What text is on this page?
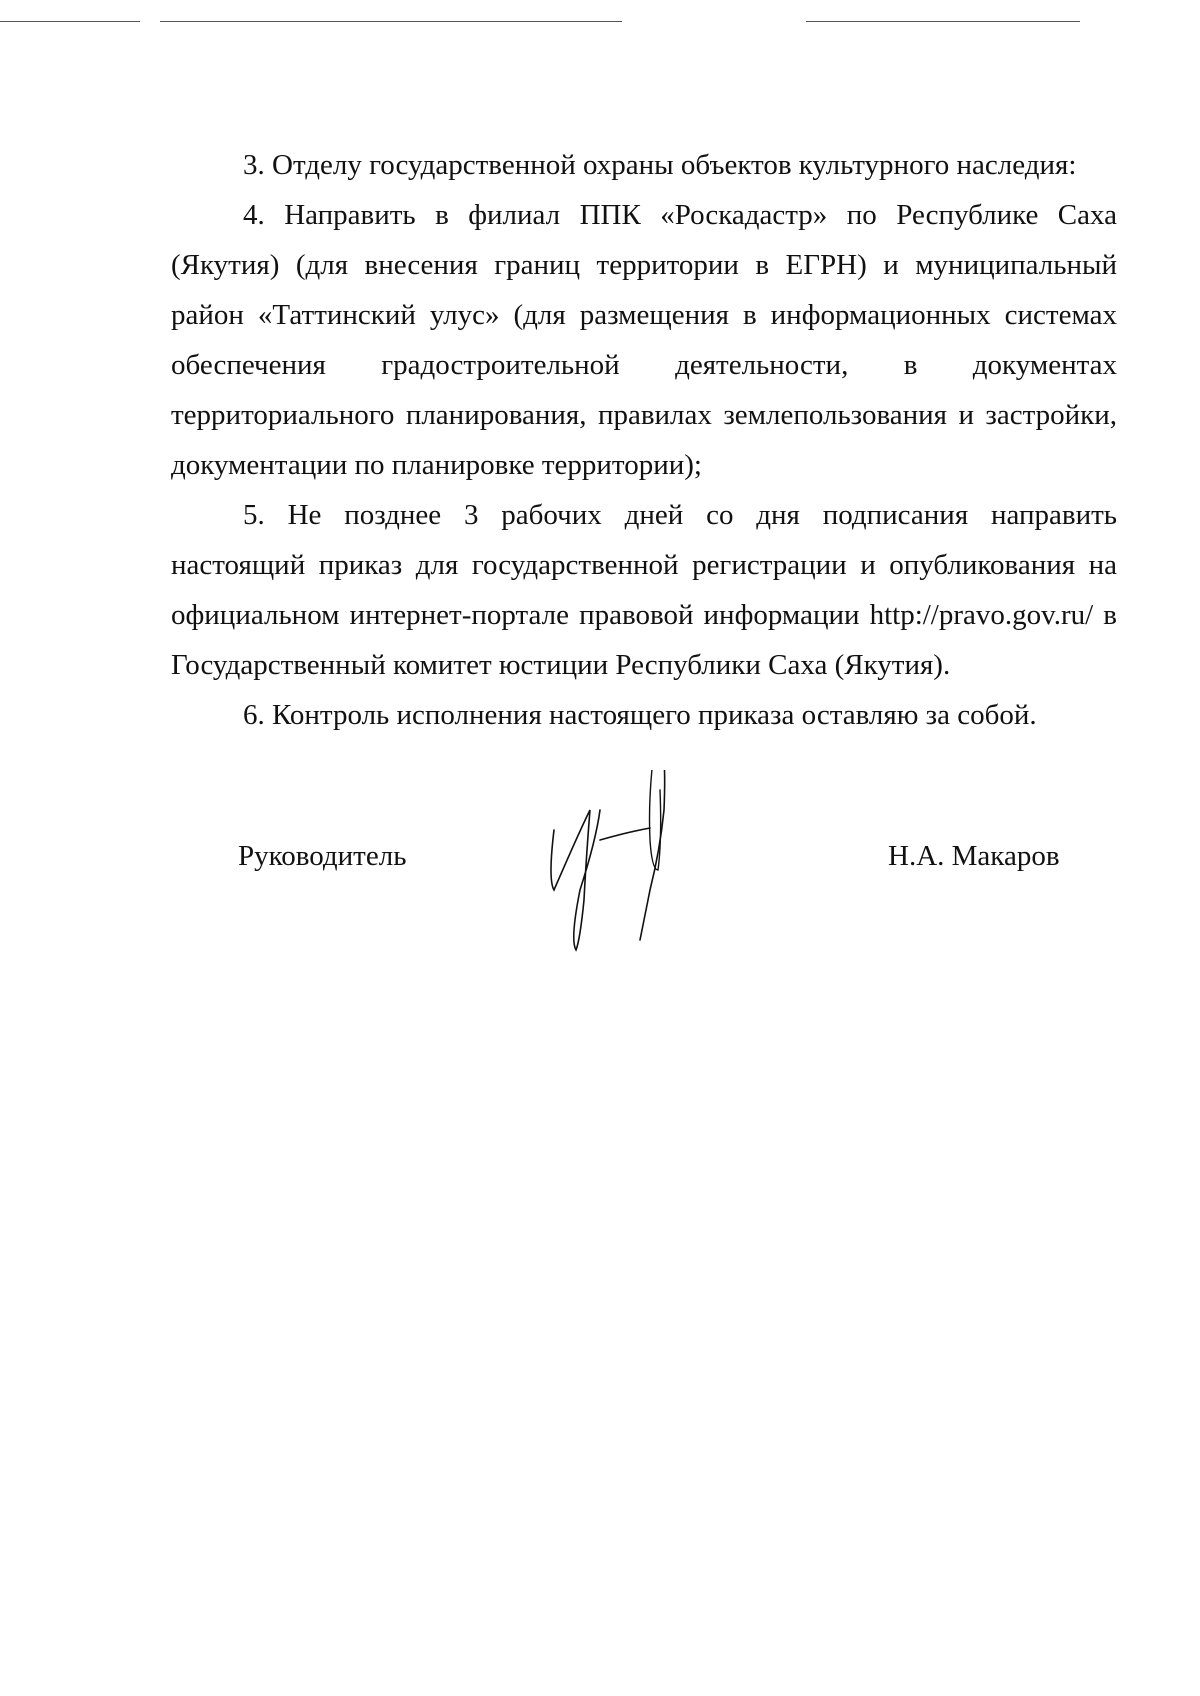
3. Отделу государственной охраны объектов культурного наследия:

4. Направить в филиал ППК «Роскадастр» по Республике Саха (Якутия) (для внесения границ территории в ЕГРН) и муниципальный район «Таттинский улус» (для размещения в информационных системах обеспечения градостроительной деятельности, в документах территориального планирования, правилах землепользования и застройки, документации по планировке территории);

5. Не позднее 3 рабочих дней со дня подписания направить настоящий приказ для государственной регистрации и опубликования на официальном интернет-портале правовой информации http://pravo.gov.ru/ в Государственный комитет юстиции Республики Саха (Якутия).

6. Контроль исполнения настоящего приказа оставляю за собой.

Руководитель	Н.А. Макаров
